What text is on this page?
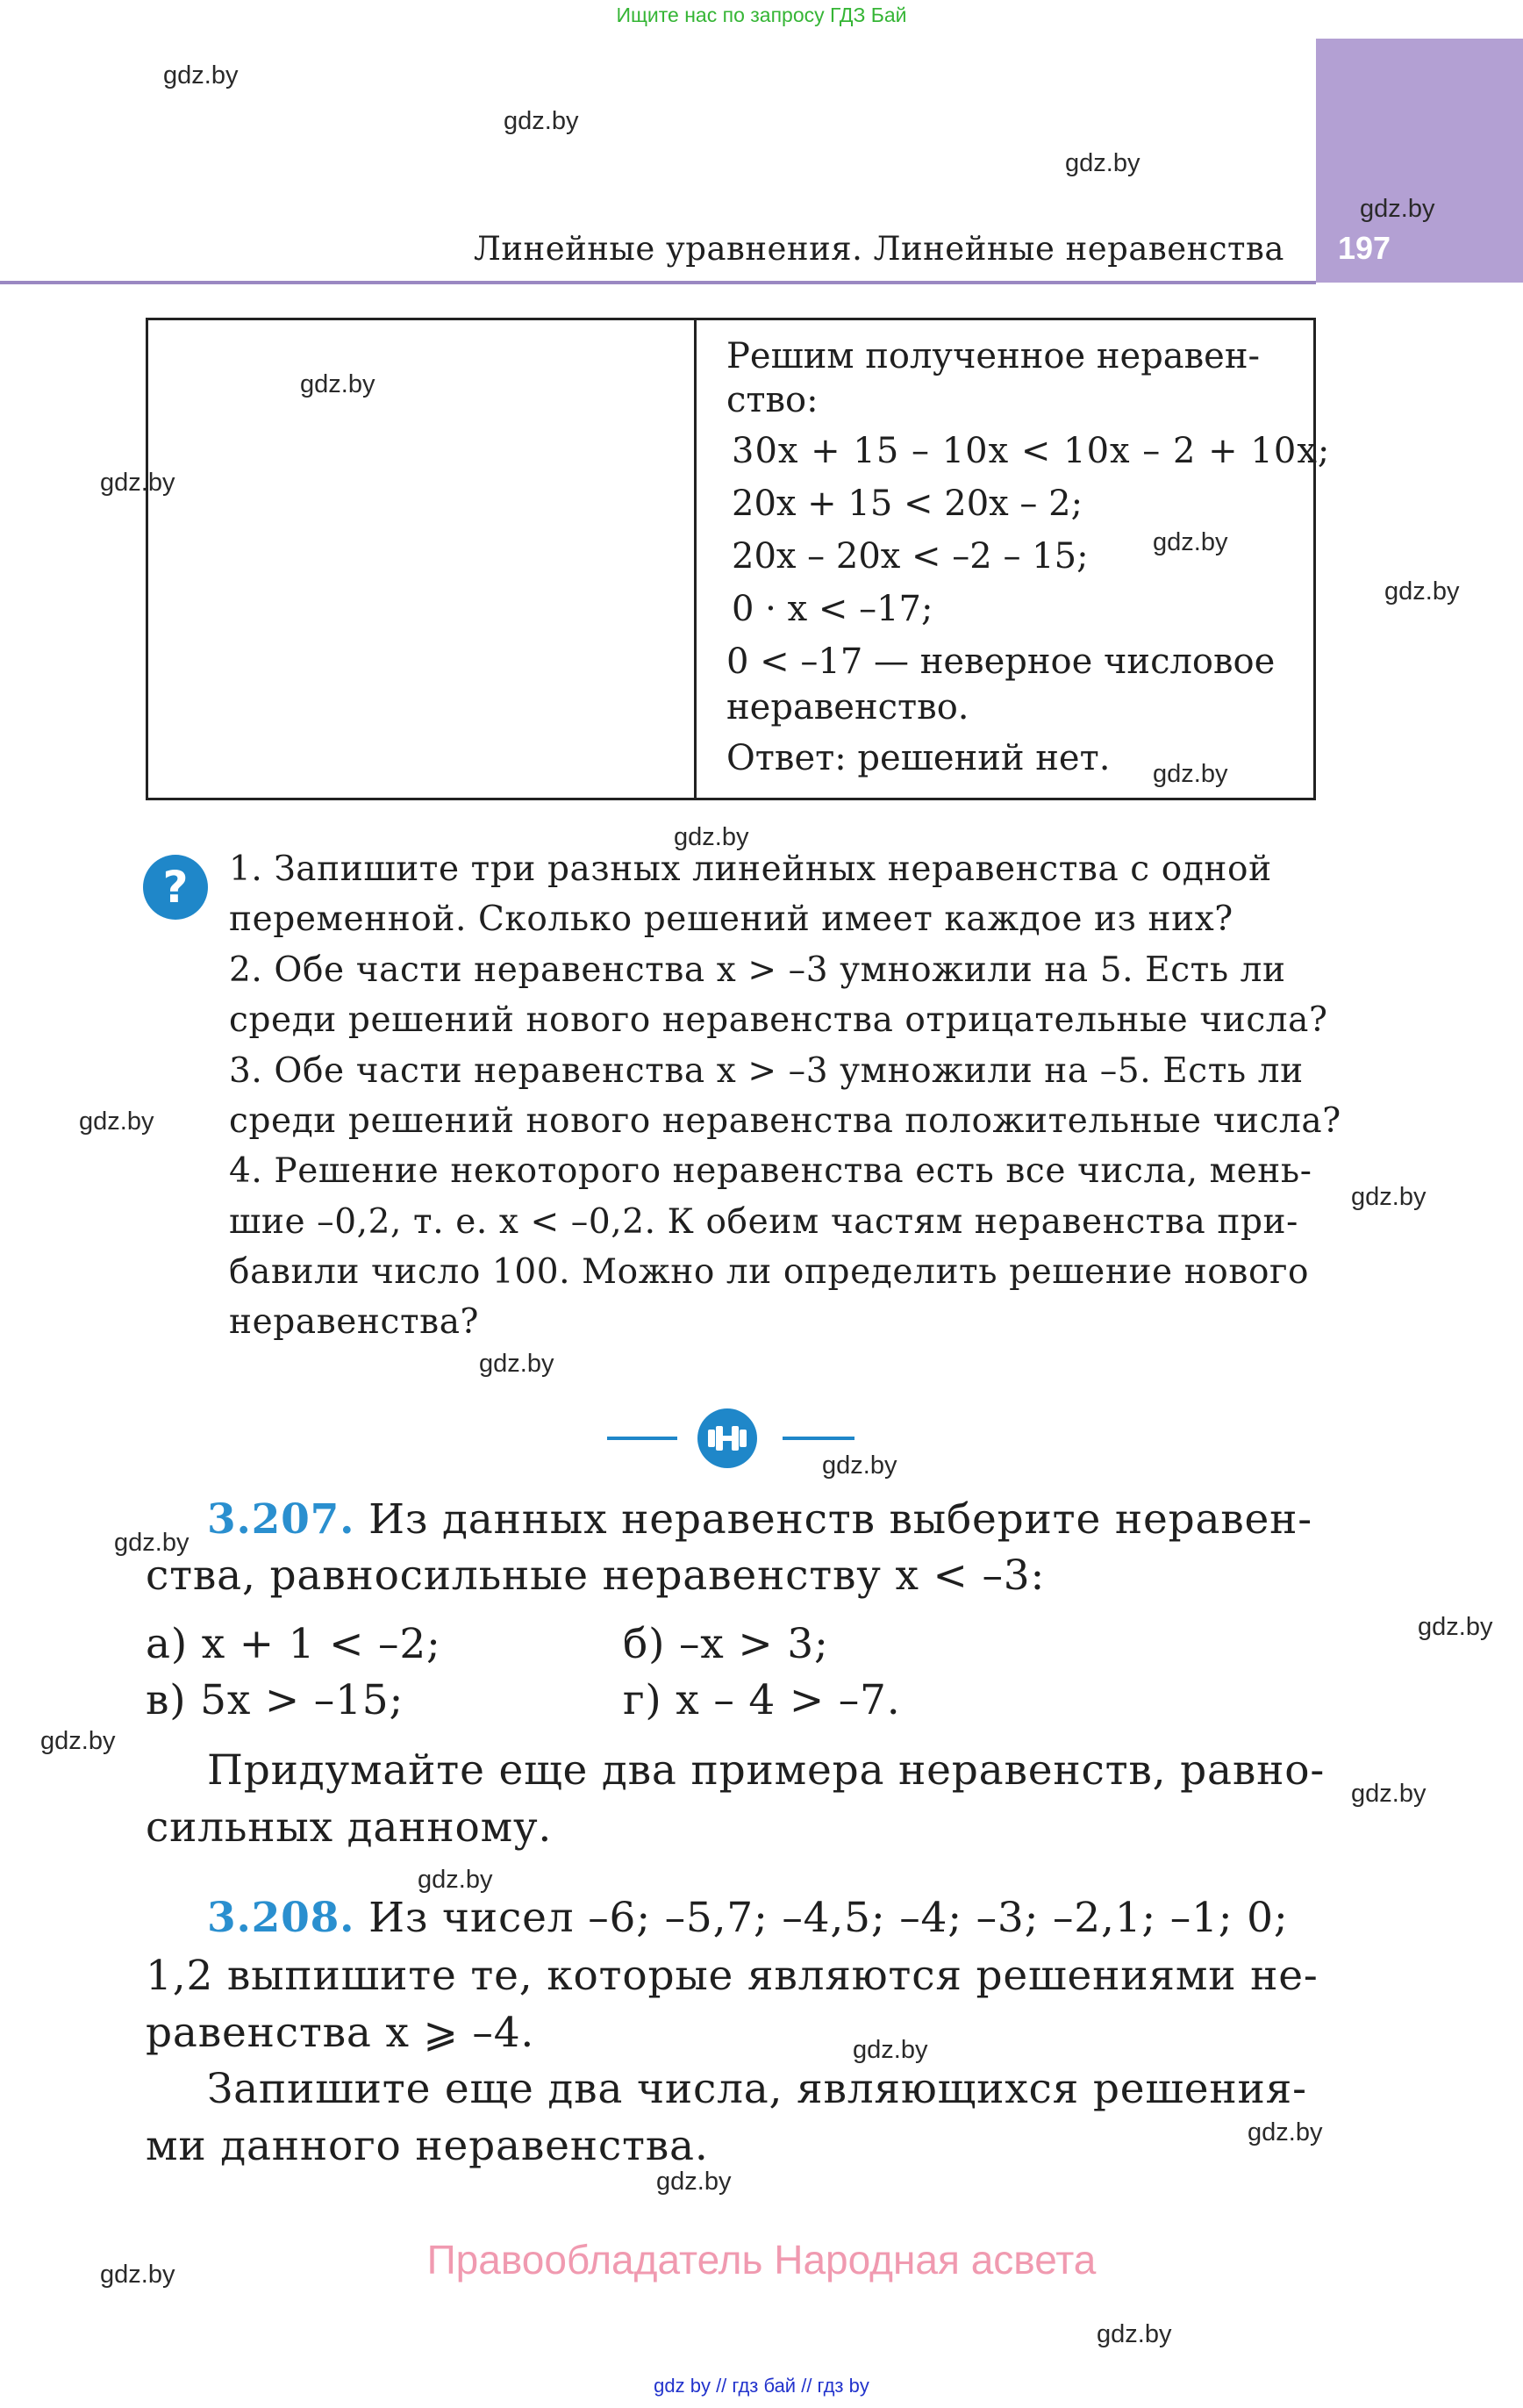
Ищите нас по запросу ГДЗ Бай
197
Линейные уравнения. Линейные неравенства
Решим полученное неравен-
ство:
30x + 15 – 10x < 10x – 2 + 10x;
20x + 15 < 20x – 2;
20x – 20x < –2 – 15;
0 · x < –17;
0 < –17 — неверное числовое
неравенство.
Ответ: решений нет.
?	1. Запишите три разных линейных неравенства с одной
переменной. Сколько решений имеет каждое из них?
2. Обе части неравенства x > –3 умножили на 5. Есть ли
среди решений нового неравенства отрицательные числа?
3. Обе части неравенства x > –3 умножили на –5. Есть ли
среди решений нового неравенства положительные числа?
4. Решение некоторого неравенства есть все числа, мень-
шие –0,2, т. е. x < –0,2. К обеим частям неравенства при-
бавили число 100. Можно ли определить решение нового
неравенства?
3.207. Из данных неравенств выберите неравен-
ства, равносильные неравенству x < –3:
а) x + 1 < –2;	б) –x > 3;
в) 5x > –15;	г) x – 4 > –7.
Придумайте еще два примера неравенств, равно-
сильных данному.
3.208. Из чисел –6; –5,7; –4,5; –4; –3; –2,1; –1; 0;
1,2 выпишите те, которые являются решениями не-
равенства x ⩾ –4.
Запишите еще два числа, являющихся решения-
ми данного неравенства.
gdz.by
gdz.by
gdz.by
gdz.by
gdz.by
gdz.by
gdz.by
gdz.by
gdz.by
gdz.by
gdz.by
gdz.by
gdz.by
gdz.by
gdz.by
gdz.by
gdz.by
gdz.by
gdz.by
gdz.by
gdz.by
gdz.by
gdz.by
gdz.by
Правообладатель Народная асвета
gdz by // гдз бай // гдз by
